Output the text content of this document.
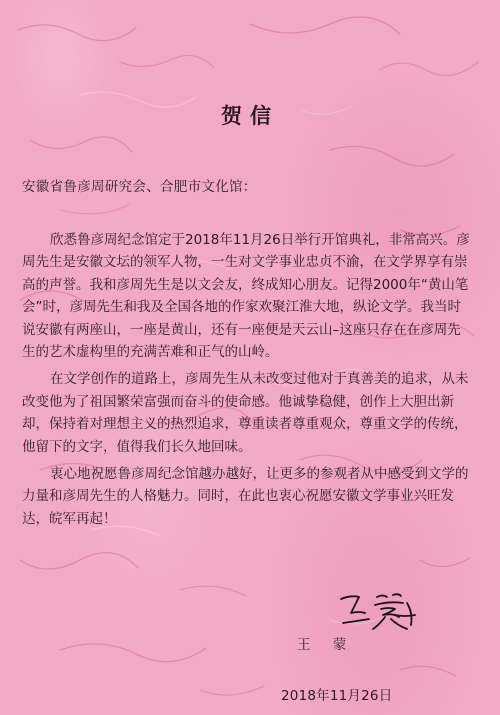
贺信
安徽省鲁彦周研究会、合肥市文化馆：

欣悉鲁彦周纪念馆定于2018年11月26日举行开馆典礼，非常高兴。彦周先生是安徽文坛的领军人物，一生对文学事业忠贞不渝，在文学界享有崇高的声誉。我和彦周先生是以文会友，终成知心朋友。记得2000年“黄山笔会”时，彦周先生和我及全国各地的作家欢聚江淮大地，纵论文学。我当时说安徽有两座山，一座是黄山，还有一座便是天云山–这座只存在在彦周先生的艺术虚构里的充满苦难和正气的山岭。

在文学创作的道路上，彦周先生从未改变过他对于真善美的追求，从未改变他为了祖国繁荣富强而奋斗的使命感。他诚挚稳健，创作上大胆出新却，保持着对理想主义的热烈追求，尊重读者尊重观众，尊重文学的传统，他留下的文字，值得我们长久地回味。

衷心地祝愿鲁彦周纪念馆越办越好，让更多的参观者从中感受到文学的力量和彦周先生的人格魅力。同时，在此也衷心祝愿安徽文学事业兴旺发达，皖军再起！

王 蒙
2018年11月26日
